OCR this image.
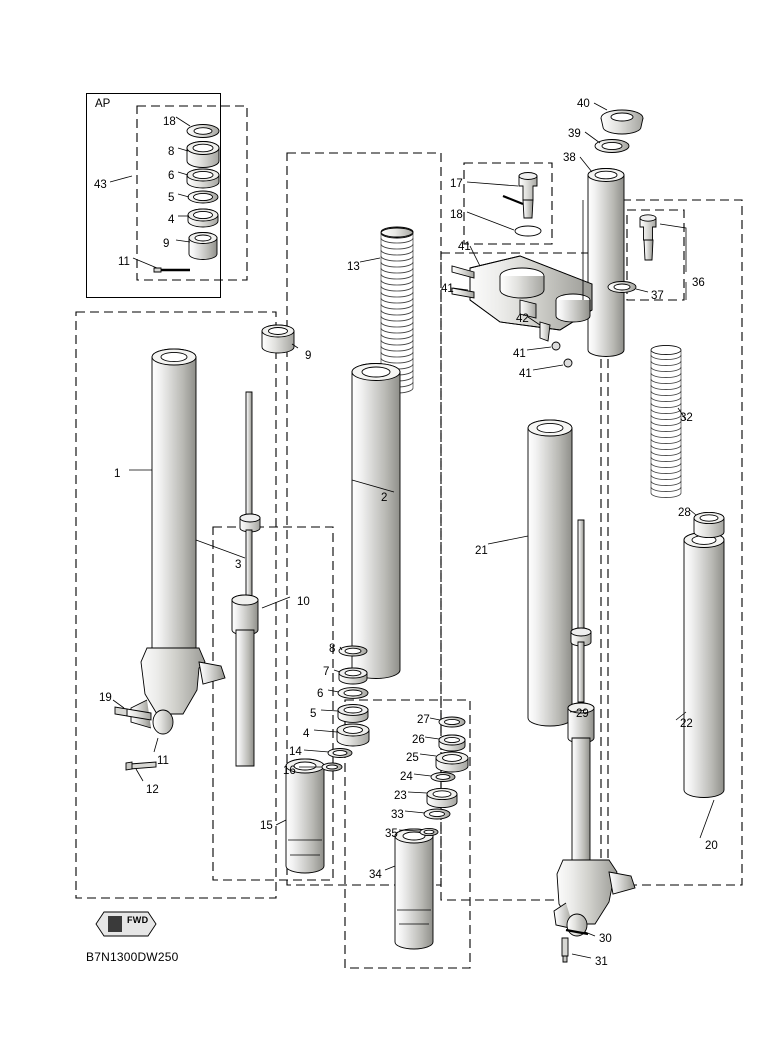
AP
18
8
6
5
4
9
11
43
40
39
38
17
18
13
41
41
42
41
41
37
36
32
28
9
1
3
10
2
21
22
20
29
19
11
12
8
7
6
5
4
14
16
15
27
26
25
24
23
33
35
34
30
31
FWD
B7N1300DW250
